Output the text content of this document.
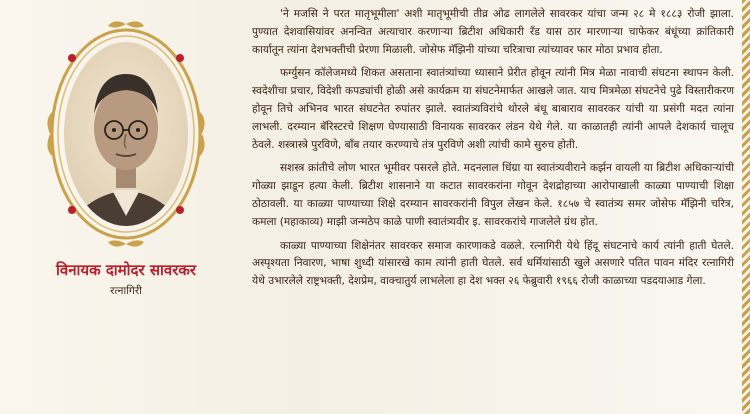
विनायक दामोदर सावरकर
रत्नागिरी

'ने मजसि ने परत मातृभूमीला' अशी मातृभूमीची तीव्र ओढ लागलेले सावरकर यांचा जन्म २८ मे १८८३ रोजी झाला. पुण्यात देशवासियांवर अनन्वित अत्याचार करणाऱ्या ब्रिटीश अधिकारी रँड यास ठार मारणाऱ्या चाफेकर बंधूंच्या क्रांतिकारी कार्यातून त्यांना देशभक्तीची प्रेरणा मिळाली. जोसेफ मॅझिनी यांच्या चरित्राचा त्यांच्यावर फार मोठा प्रभाव होता.

फर्ग्युसन कॉलेजमध्ये शिकत असताना स्वातंत्र्यांच्या ध्यासाने प्रेरीत होवून त्यांनी मित्र मेळा नावाची संघटना स्थापन केली. स्वदेशीचा प्रचार, विदेशी कपड्यांची होळी असे कार्यक्रम या संघटनेमार्फत आखले जात. याच मित्रमेळा संघटनेचे पुढे विस्तारीकरण होवून तिचे अभिनव भारत संघटनेत रुपांतर झाले. स्वातंत्र्यविरांचे थोरले बंधू बाबाराव सावरकर यांची या प्रसंगी मदत त्यांना लाभली. दरम्यान बॅरिस्टरचे शिक्षण घेण्यासाठी विनायक सावरकर लंडन येथे गेले. या काळातही त्यांनी आपले देशकार्य चालूच ठेवले. शस्त्रास्त्रे पुरविणे, बाँब तयार करण्याचे तंत्र पुरविणे अशी त्यांची कामे सुरुच होती.

सशस्त्र क्रांतीचे लोण भारत भूमीवर पसरले होते. मदनलाल धिंग्रा या स्वातंत्र्यवीराने कर्झन वायली या ब्रिटीश अधिकाऱ्यांची गोळ्या झाडून हत्या केली. ब्रिटीश शासनाने या कटात सावरकरांना गोवून देशद्रोहाच्या आरोपाखाली काळ्या पाण्याची शिक्षा ठोठावली. या काळ्या पाण्याच्या शिक्षे दरम्यान सावरकरांनी विपुल लेखन केले. १८५७ चे स्वातंत्र्य समर जोसेफ मॅझिनी चरित्र, कमला (महाकाव्य) माझी जन्मठेप काळे पाणी स्वातंत्र्यवीर इ. सावरकरांचे गाजलेले ग्रंथ होत.

काळ्या पाण्याच्या शिक्षेनंतर सावरकर समाज कारणाकडे वळले. रत्नागिरी येथे हिंदू संघटनाचे कार्य त्यांनी हाती घेतले. अस्पृश्यता निवारण, भाषा शुध्दी यांसारखे काम त्यांनी हाती घेतले. सर्व धर्मियांसाठी खुले असणारे पतित पावन मंदिर रत्नागिरी येथे उभारलेले राष्ट्रभक्ती, देशप्रेम, वाक्चातुर्य लाभलेला हा देश भक्त २६ फेब्रुवारी १९६६ रोजी काळाच्या पडदयाआड गेला.
